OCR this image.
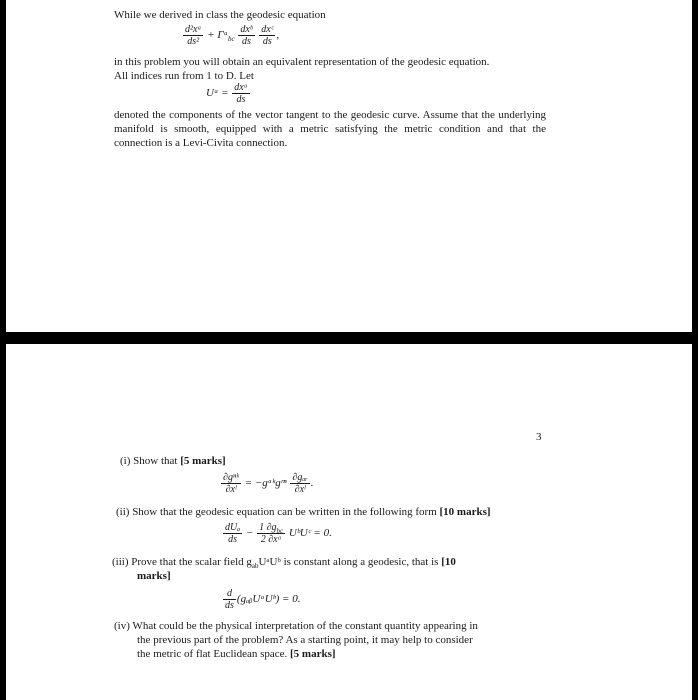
While we derived in class the geodesic equation
$\frac{\text{d²xᵃ}}{\text{ds²}}$ + Γᵃ$_{bc}$ $\frac{\text{dxᵇ}}{ds}$
$\frac{\text{dxᶜ}}{ds}$ ,
in this problem you will obtain an equivalent representation of the geodesic equation.
All indices run from 1 to D. Let
Uᵃ = $\frac{\text{dxᵃ}}{ds}$
denoted the components of the vector tangent to the geodesic curve. Assume that the underlying manifold is smooth, equipped with a metric satisfying the metric condition and that the connection is a Levi-Civita connection.
3
(i) Show that [5 marks]
$\frac{\text{∂gⁿᵏ}}{\text{∂xˡ}}$ = −gᵃᵏgʳⁿ $\frac{\text{∂gₐᵣ}}{\text{∂xˡ}}$ .
(ii) Show that the geodesic equation can be written in the following form [10 marks]
$\frac{\text{dUₐ}}{ds} - \frac{1 \partial g_{bc}}{\text{2 ∂xᵃ}}$ UᵇUᶜ = 0.
(iii) Prove that the scalar field $g_{ab}UᵃUᵇ$ is constant along a geodesic, that is [10
marks]
$\frac{d}{ds}$ (gₐᵦUᵃUᵇ) = 0.
(iv) What could be the physical interpretation of the constant quantity appearing in
the previous part of the problem? As a starting point, it may help to consider
the metric of flat Euclidean space. [5 marks]
